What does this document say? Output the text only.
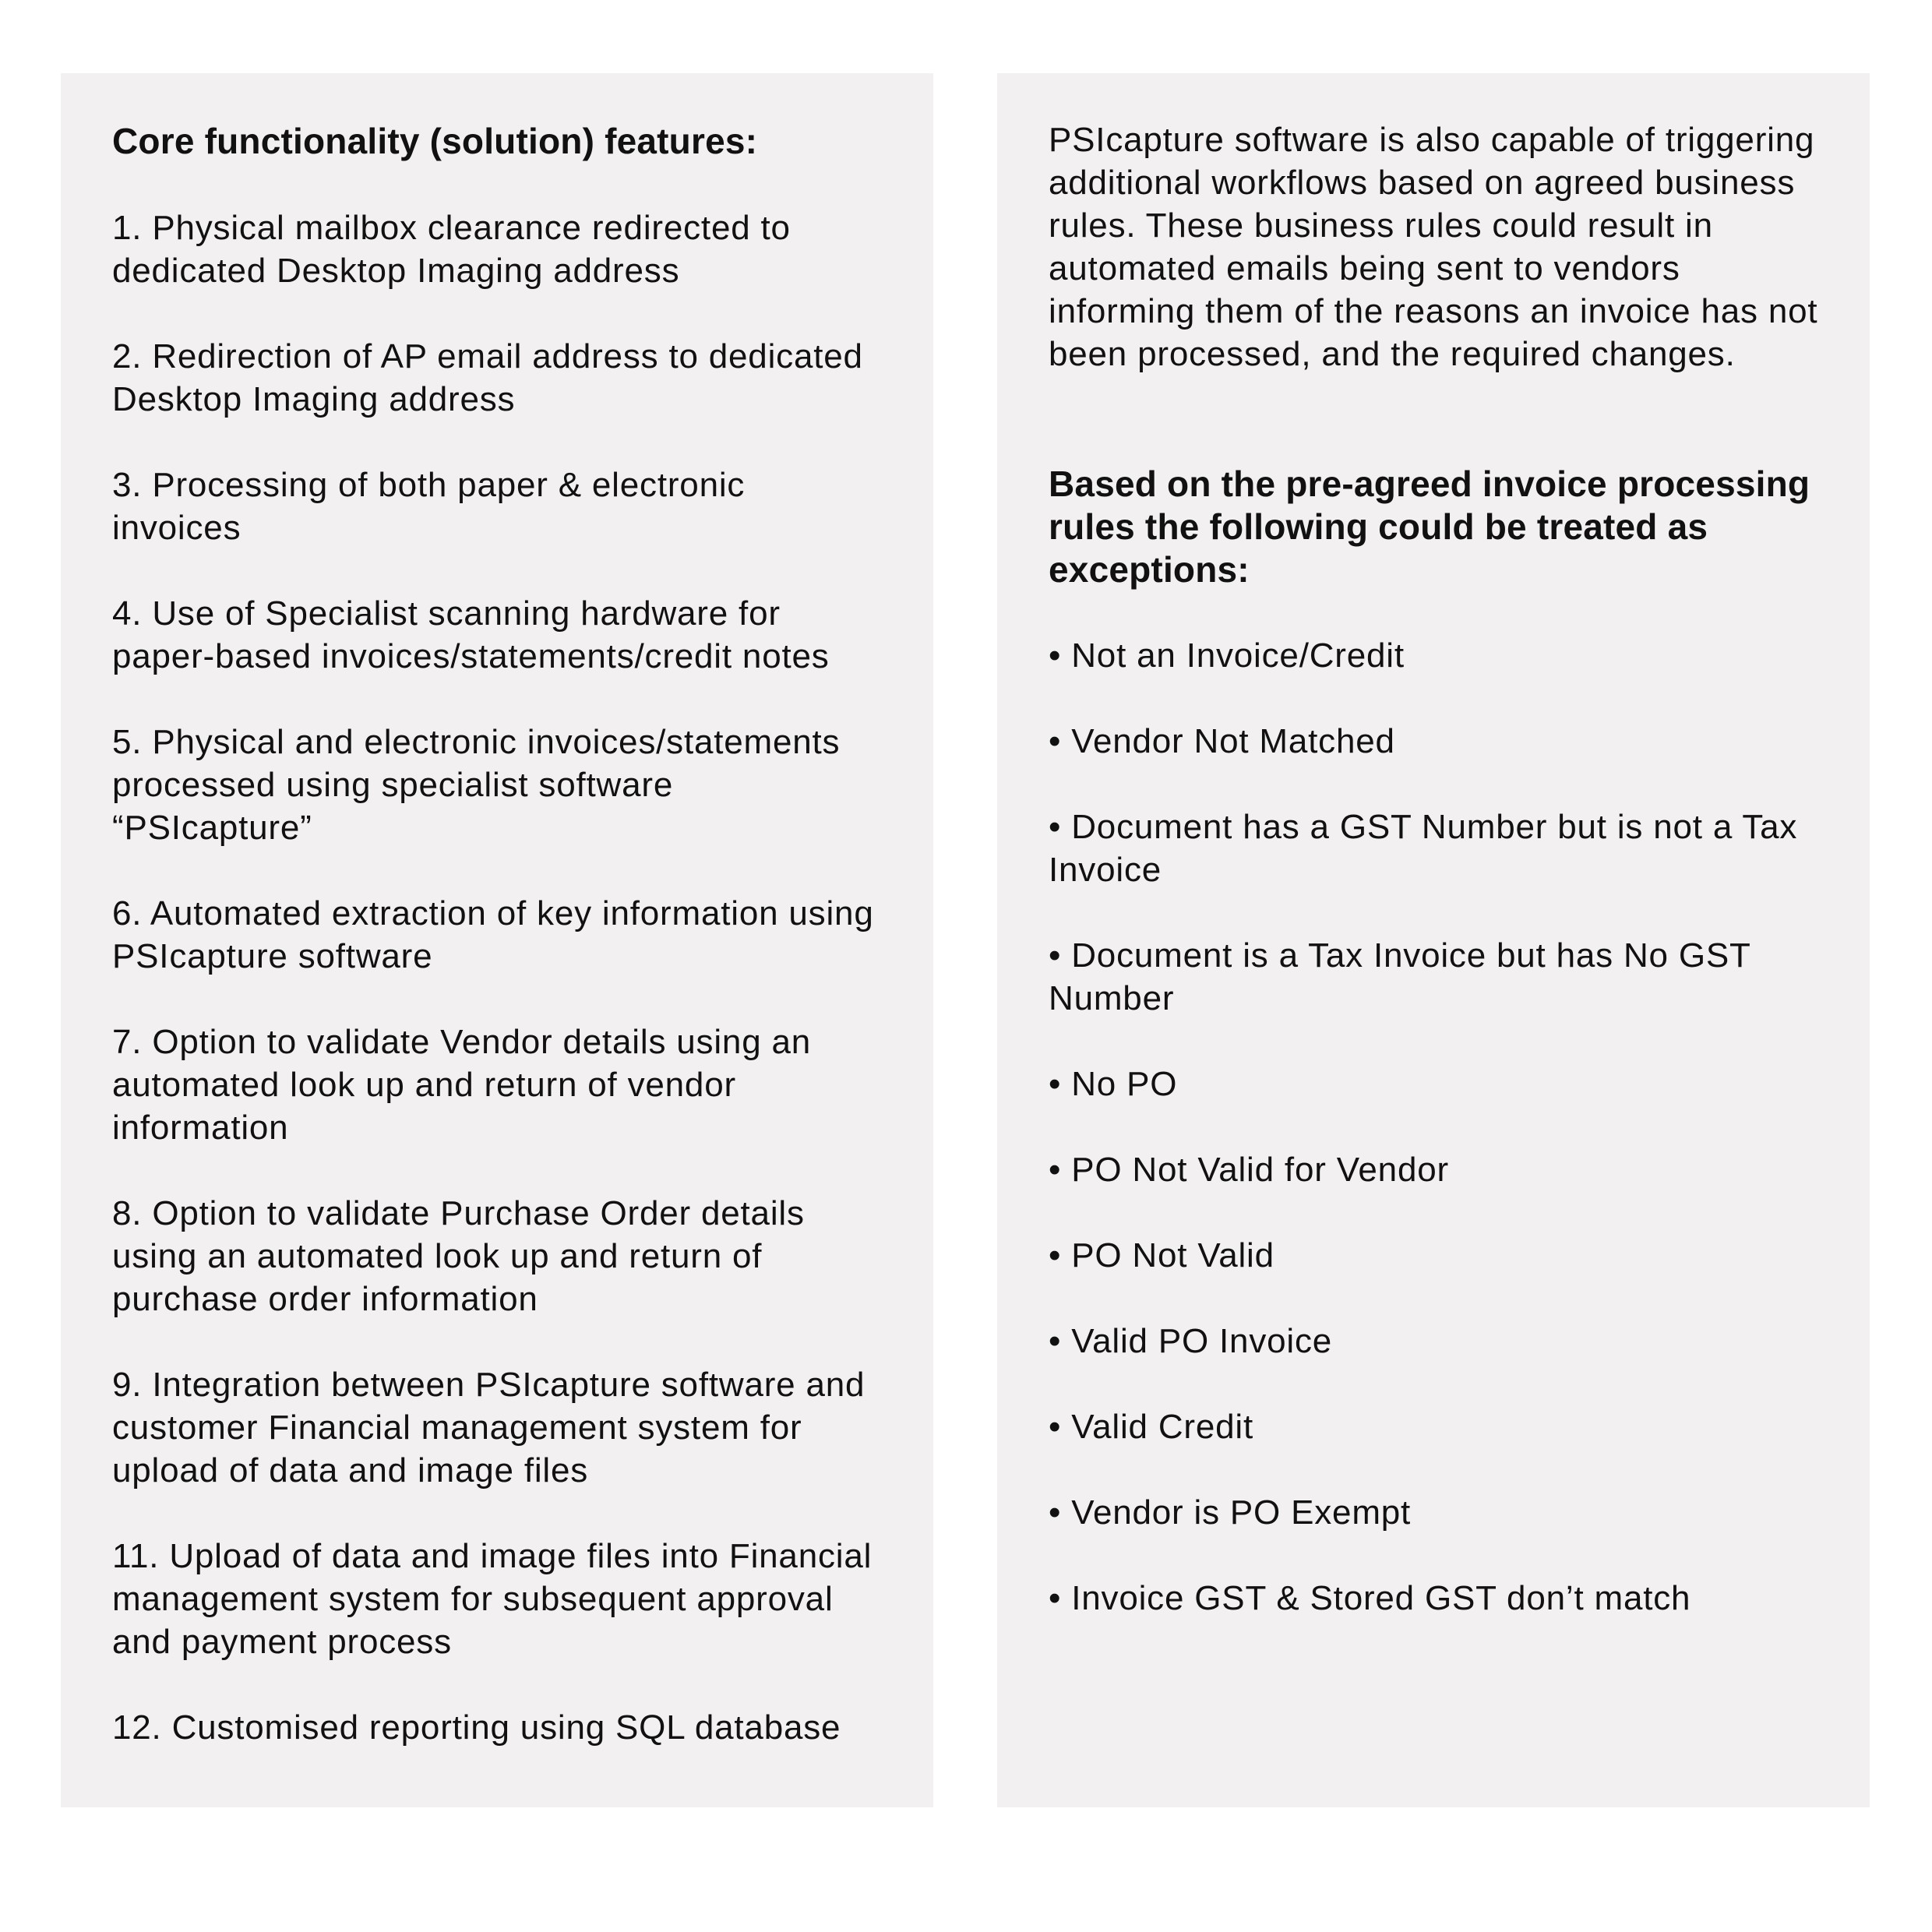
Core functionality (solution) features:

1. Physical mailbox clearance redirected to dedicated Desktop Imaging address

2. Redirection of AP email address to dedicated Desktop Imaging address

3. Processing of both paper & electronic invoices

4. Use of Specialist scanning hardware for paper-based invoices/statements/credit notes

5. Physical and electronic invoices/statements processed using specialist software “PSIcapture”

6. Automated extraction of key information using PSIcapture software

7. Option to validate Vendor details using an automated look up and return of vendor information

8. Option to validate Purchase Order details using an automated look up and return of purchase order information

9. Integration between PSIcapture software and customer Financial management system for upload of data and image files

11. Upload of data and image files into Financial management system for subsequent approval and payment process

12. Customised reporting using SQL database

PSIcapture software is also capable of triggering additional workflows based on agreed business rules. These business rules could result in automated emails being sent to vendors informing them of the reasons an invoice has not been processed, and the required changes.

Based on the pre-agreed invoice processing rules the following could be treated as exceptions:

• Not an Invoice/Credit

• Vendor Not Matched

• Document has a GST Number but is not a Tax Invoice

• Document is a Tax Invoice but has No GST Number

• No PO

• PO Not Valid for Vendor

• PO Not Valid

• Valid PO Invoice

• Valid Credit

• Vendor is PO Exempt

• Invoice GST & Stored GST don’t match
